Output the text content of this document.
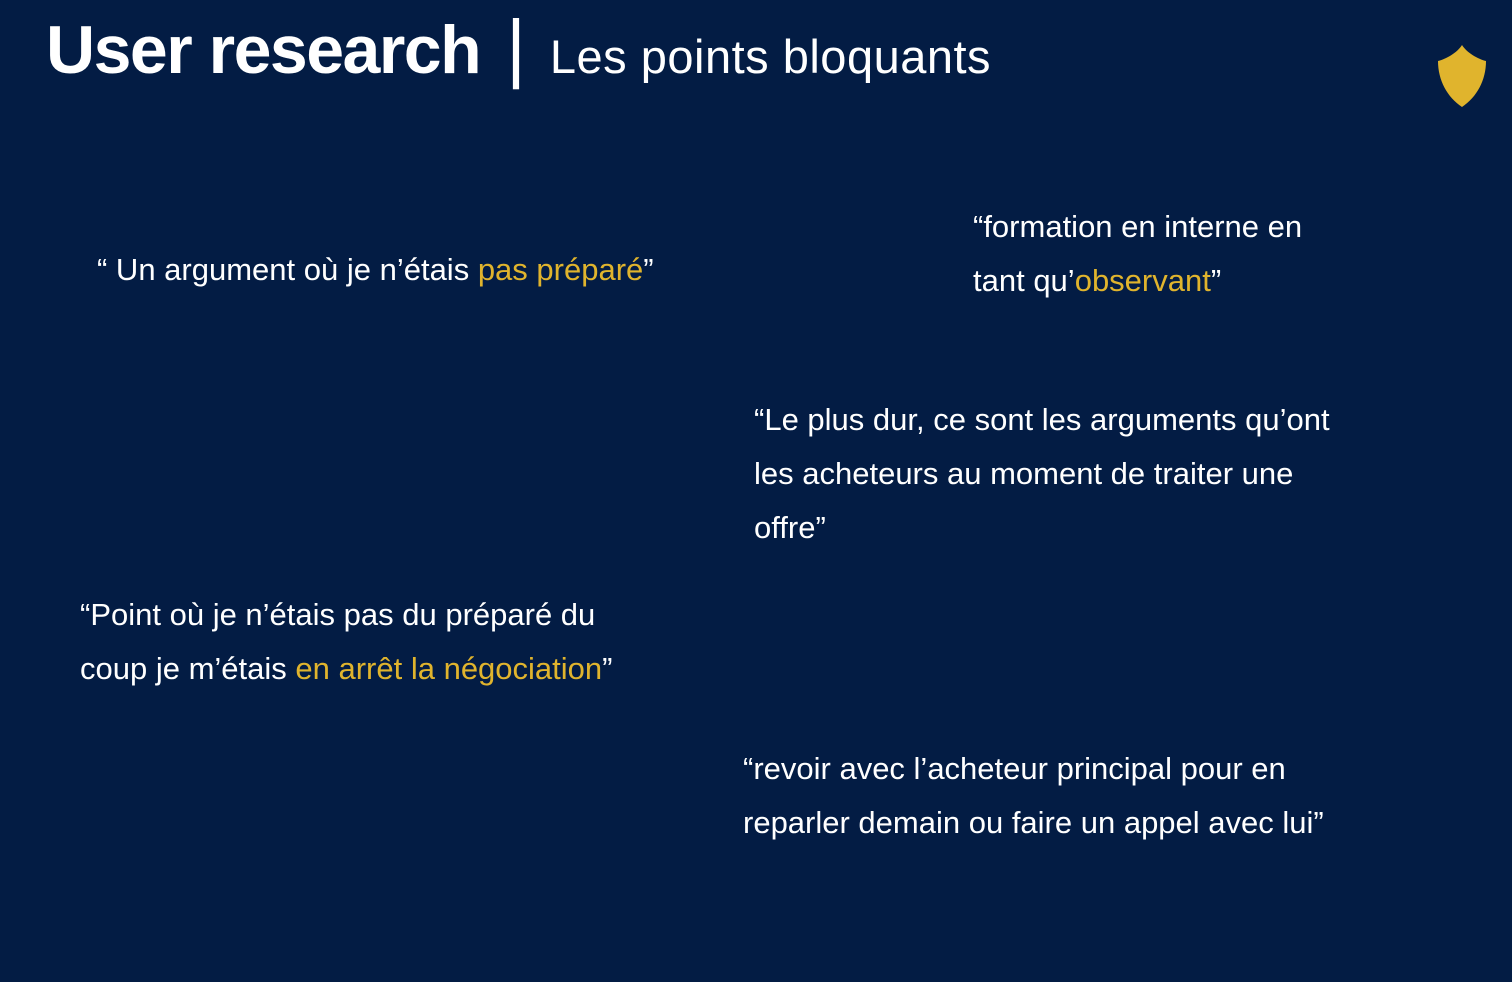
User research | Les points bloquants
“ Un argument où je n’étais pas préparé”
“formation en interne en
tant qu’observant”
“Le plus dur, ce sont les arguments qu’ont
les acheteurs au moment de traiter une
offre”
“Point où je n’étais pas du préparé du
coup je m’étais en arrêt la négociation”
“revoir avec l’acheteur principal pour en
reparler demain ou faire un appel avec lui”
